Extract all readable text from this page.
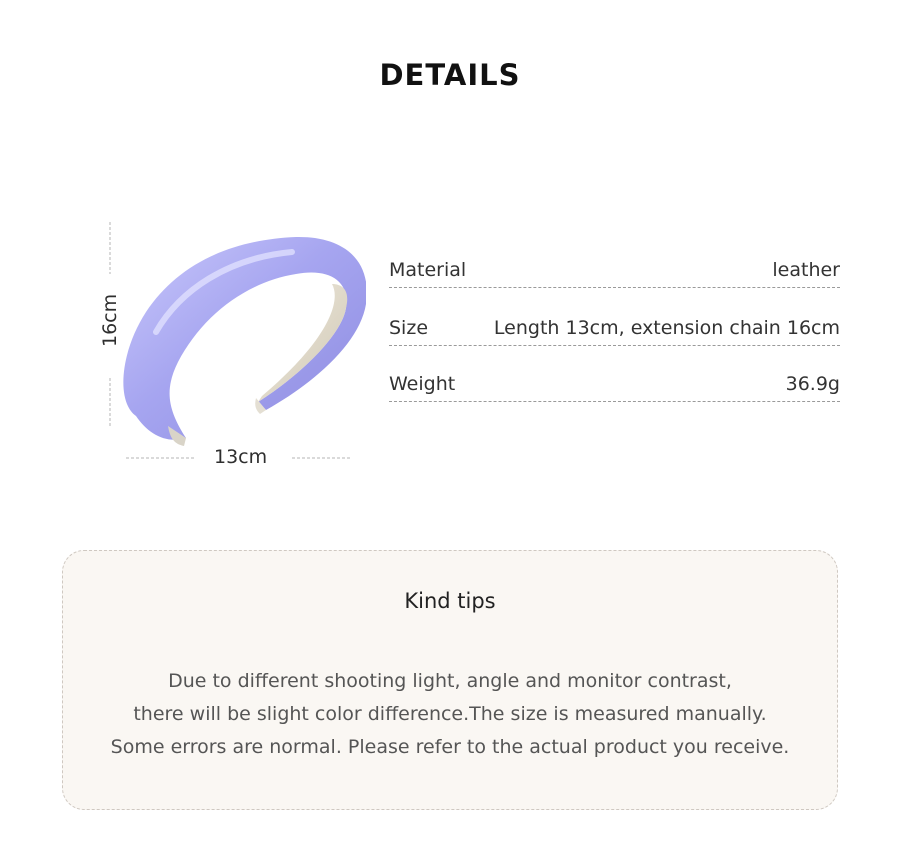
DETAILS
13cm
16cm
Material	leather
Size	Length 13cm, extension chain 16cm
Weight	36.9g
Kind tips
Due to different shooting light, angle and monitor contrast,
there will be slight color difference.The size is measured manually.
Some errors are normal. Please refer to the actual product you receive.
